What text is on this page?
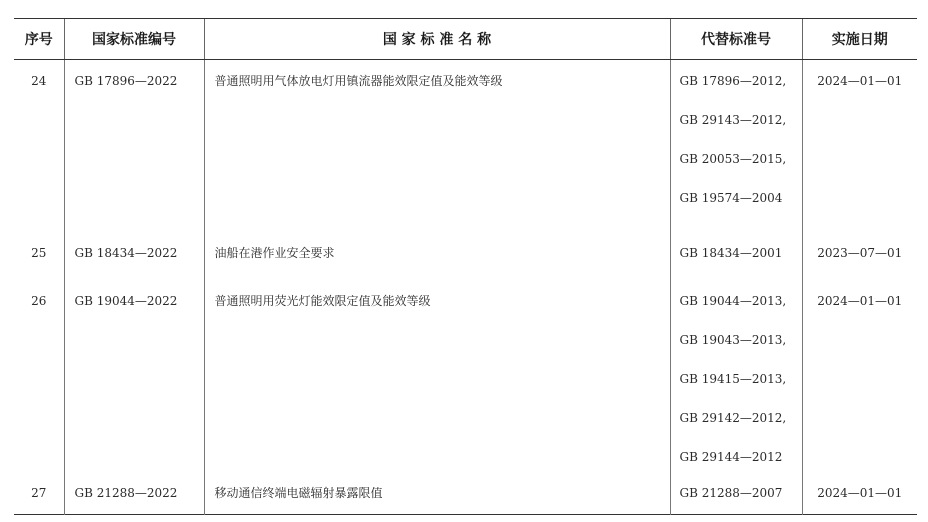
序号	国家标准编号	国 家 标 准 名 称	代替标准号	实施日期
24	GB 17896—2022	普通照明用气体放电灯用镇流器能效限定值及能效等级	GB 17896—2012,
GB 29143—2012,
GB 20053—2015,
GB 19574—2004	2024—01—01
25	GB 18434—2022	油船在港作业安全要求	GB 18434—2001	2023—07—01
26	GB 19044—2022	普通照明用荧光灯能效限定值及能效等级	GB 19044—2013,
GB 19043—2013,
GB 19415—2013,
GB 29142—2012,
GB 29144—2012	2024—01—01
27	GB 21288—2022	移动通信终端电磁辐射暴露限值	GB 21288—2007	2024—01—01
